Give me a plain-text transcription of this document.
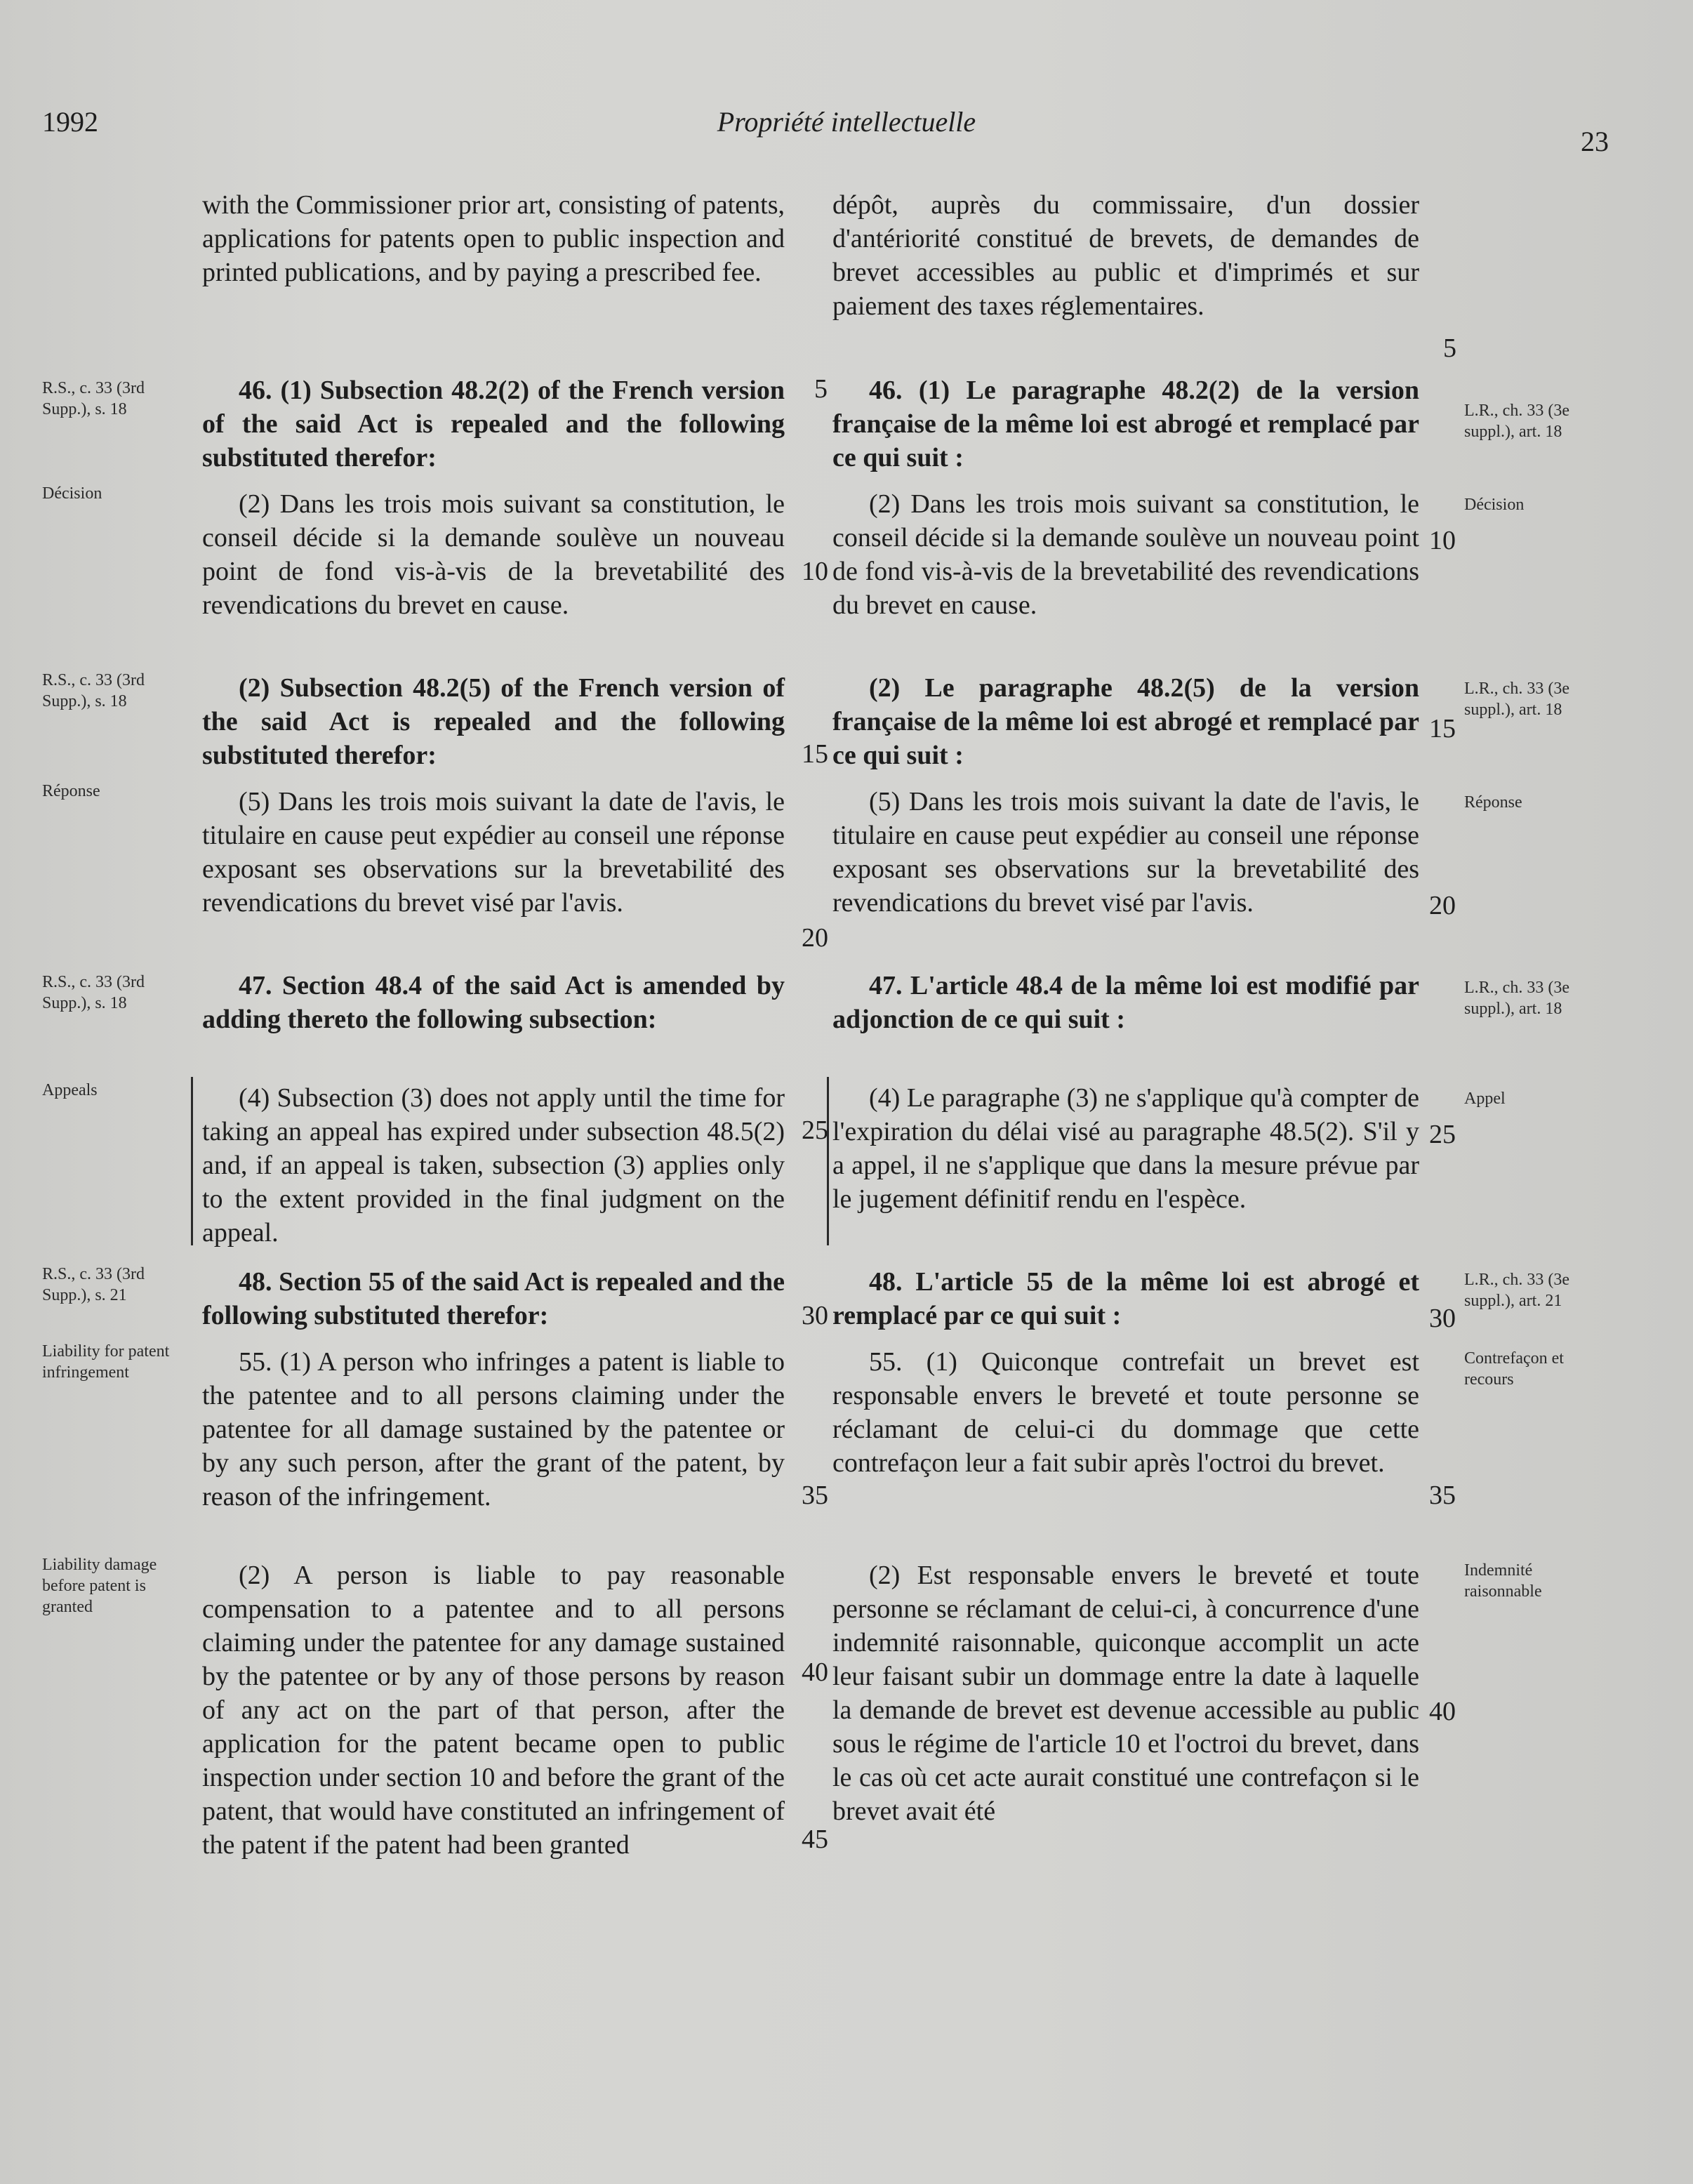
1992	Propriété intellectuelle
23

with the Commissioner prior art, consisting of patents, applications for patents open to public inspection and printed publications, and by paying a prescribed fee.

46. (1) Subsection 48.2(2) of the French version of the said Act is repealed and the following substituted therefor:

(2) Dans les trois mois suivant sa constitution, le conseil décide si la demande soulève un nouveau point de fond vis-à-vis de la brevetabilité des revendications du brevet en cause.

(2) Subsection 48.2(5) of the French version of the said Act is repealed and the following substituted therefor:

(5) Dans les trois mois suivant la date de l'avis, le titulaire en cause peut expédier au conseil une réponse exposant ses observations sur la brevetabilité des revendications du brevet visé par l'avis.

47. Section 48.4 of the said Act is amended by adding thereto the following subsection:

(4) Subsection (3) does not apply until the time for taking an appeal has expired under subsection 48.5(2) and, if an appeal is taken, subsection (3) applies only to the extent provided in the final judgment on the appeal.

48. Section 55 of the said Act is repealed and the following substituted therefor:

55. (1) A person who infringes a patent is liable to the patentee and to all persons claiming under the patentee for all damage sustained by the patentee or by any such person, after the grant of the patent, by reason of the infringement.

(2) A person is liable to pay reasonable compensation to a patentee and to all persons claiming under the patentee for any damage sustained by the patentee or by any of those persons by reason of any act on the part of that person, after the application for the patent became open to public inspection under section 10 and before the grant of the patent, that would have constituted an infringement of the patent if the patent had been granted

dépôt, auprès du commissaire, d'un dossier d'antériorité constitué de brevets, de demandes de brevet accessibles au public et d'imprimés et sur paiement des taxes réglementaires.

46. (1) Le paragraphe 48.2(2) de la version française de la même loi est abrogé et remplacé par ce qui suit :

(2) Dans les trois mois suivant sa constitution, le conseil décide si la demande soulève un nouveau point de fond vis-à-vis de la brevetabilité des revendications du brevet en cause.

(2) Le paragraphe 48.2(5) de la version française de la même loi est abrogé et remplacé par ce qui suit :

(5) Dans les trois mois suivant la date de l'avis, le titulaire en cause peut expédier au conseil une réponse exposant ses observations sur la brevetabilité des revendications du brevet visé par l'avis.

47. L'article 48.4 de la même loi est modifié par adjonction de ce qui suit :

(4) Le paragraphe (3) ne s'applique qu'à compter de l'expiration du délai visé au paragraphe 48.5(2). S'il y a appel, il ne s'applique que dans la mesure prévue par le jugement définitif rendu en l'espèce.

48. L'article 55 de la même loi est abrogé et remplacé par ce qui suit :

55. (1) Quiconque contrefait un brevet est responsable envers le breveté et toute personne se réclamant de celui-ci du dommage que cette contrefaçon leur a fait subir après l'octroi du brevet.

(2) Est responsable envers le breveté et toute personne se réclamant de celui-ci, à concurrence d'une indemnité raisonnable, quiconque accomplit un acte leur faisant subir un dommage entre la date à laquelle la demande de brevet est devenue accessible au public sous le régime de l'article 10 et l'octroi du brevet, dans le cas où cet acte aurait constitué une contrefaçon si le brevet avait été

R.S., c. 33 (3rd Supp.), s. 18
Décision
R.S., c. 33 (3rd Supp.), s. 18
Réponse
R.S., c. 33 (3rd Supp.), s. 18
Appeals
R.S., c. 33 (3rd Supp.), s. 21
Liability for patent infringement
Liability damage before patent is granted
L.R., ch. 33 (3e suppl.), art. 18
Décision
L.R., ch. 33 (3e suppl.), art. 18
Réponse
L.R., ch. 33 (3e suppl.), art. 18
Appel
L.R., ch. 33 (3e suppl.), art. 21
Contrefaçon et recours
Indemnité raisonnable
5
10
15
20
25
30
35
40
45
5
10
15
20
25
30
35
40
